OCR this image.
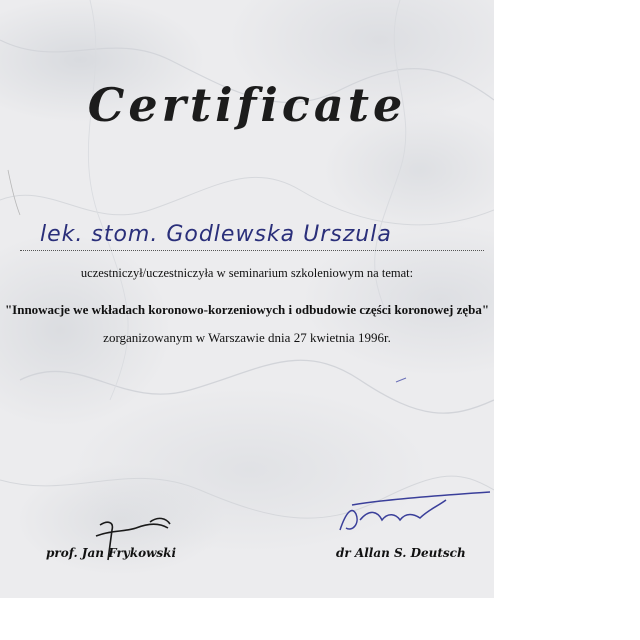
Certificate
lek. stom. Godlewska Urszula

uczestniczył/uczestniczyła w seminarium szkoleniowym na temat:

"Innowacje we wkładach koronowo-korzeniowych i odbudowie części koronowej zęba"

zorganizowanym w Warszawie dnia 27 kwietnia 1996r.

prof. Jan Frykowski	dr Allan S. Deutsch
